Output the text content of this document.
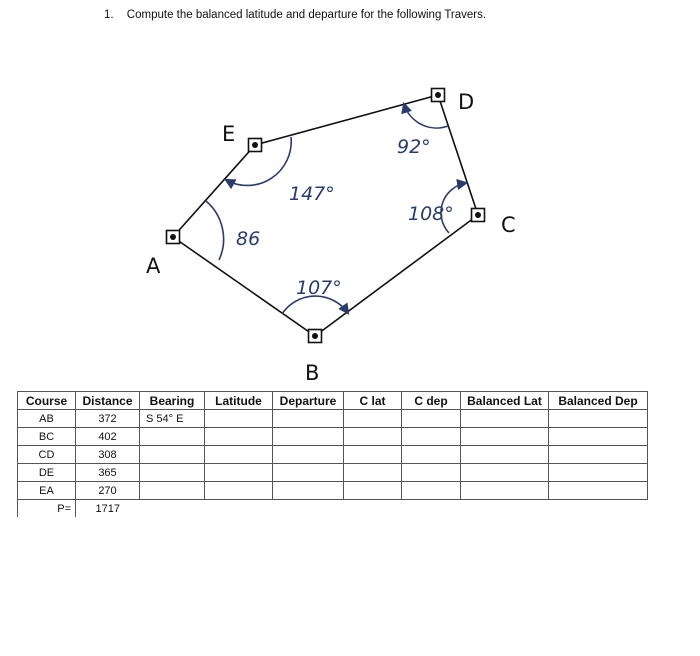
1. Compute the balanced latitude and departure for the following Travers.
A
B
C
D
E
86
107°
108°
92°
147°
Course	Distance	Bearing	Latitude	Departure	C lat	C dep	Balanced Lat	Balanced Dep
AB	372	S 54° E						
BC	402							
CD	308							
DE	365							
EA	270							
P=	1717							
